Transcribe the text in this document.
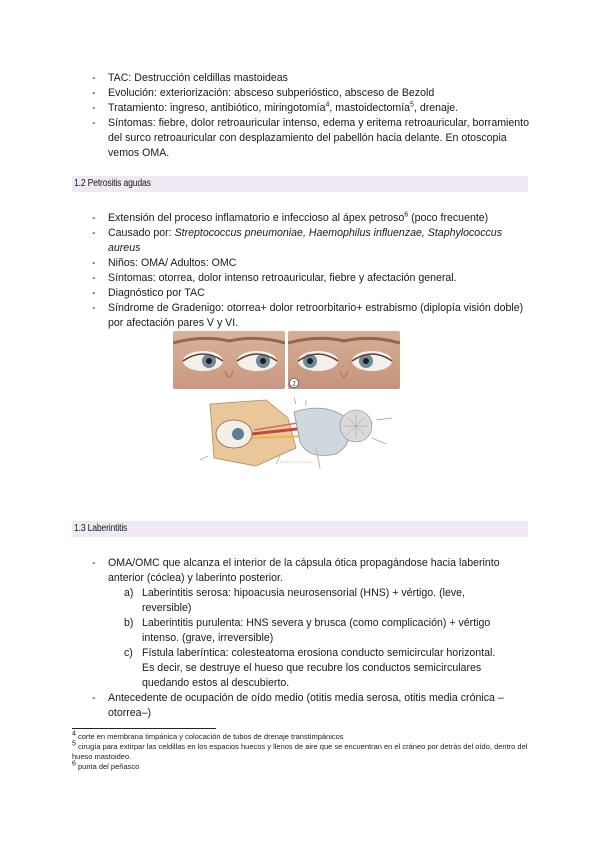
- TAC: Destrucción celdillas mastoideas
- Evolución: exteriorización: absceso subperióstico, absceso de Bezold
- Tratamiento: ingreso, antibiótico, miringotomía$^4$, mastoidectomía$^5$, drenaje.
- Síntomas: fiebre, dolor retroauricular intenso, edema y eritema retroauricular, borramiento del surco retroauricular con desplazamiento del pabellón hacia delante. En otoscopia vemos OMA.
1.2 Petrositis agudas
- Extensión del proceso inflamatorio e infeccioso al ápex petroso$^6$ (poco frecuente)
- Causado por: Streptococcus pneumoniae, Haemophilus influenzae, Staphylococcus aureus
- Niños: OMA/ Adultos: OMC
- Síntomas: otorrea, dolor intenso retroauricular, fiebre y afectación general.
- Diagnóstico por TAC
- Síndrome de Gradenigo: otorrea+ dolor retroorbitario+ estrabismo (diplopía visión doble) por afectación pares V y VI.
2
1.3 Laberintitis
- OMA/OMC que alcanza el interior de la cápsula ótica propagándose hacia laberinto anterior (cóclea) y laberinto posterior.
a) Laberintitis serosa: hipoacusia neurosensorial (HNS) + vértigo. (leve, reversible)
b) Laberintitis purulenta: HNS severa y brusca (como complicación) + vértigo intenso. (grave, irreversible)
c) Fístula laberíntica: colesteatoma erosiona conducto semicircular horizontal. Es decir, se destruye el hueso que recubre los conductos semicirculares quedando estos al descubierto.
- Antecedente de ocupación de oído medio (otitis media serosa, otitis media crónica –otorrea–)

$^4$ corte en membrana timpánica y colocación de tubos de drenaje transtimpánicos

$^5$ cirugía para extirpar las celdillas en los espacios huecos y llenos de aire que se encuentran en el cráneo por detrás del oído, dentro del hueso mastoideo.

$^6$ punta del peñasco
